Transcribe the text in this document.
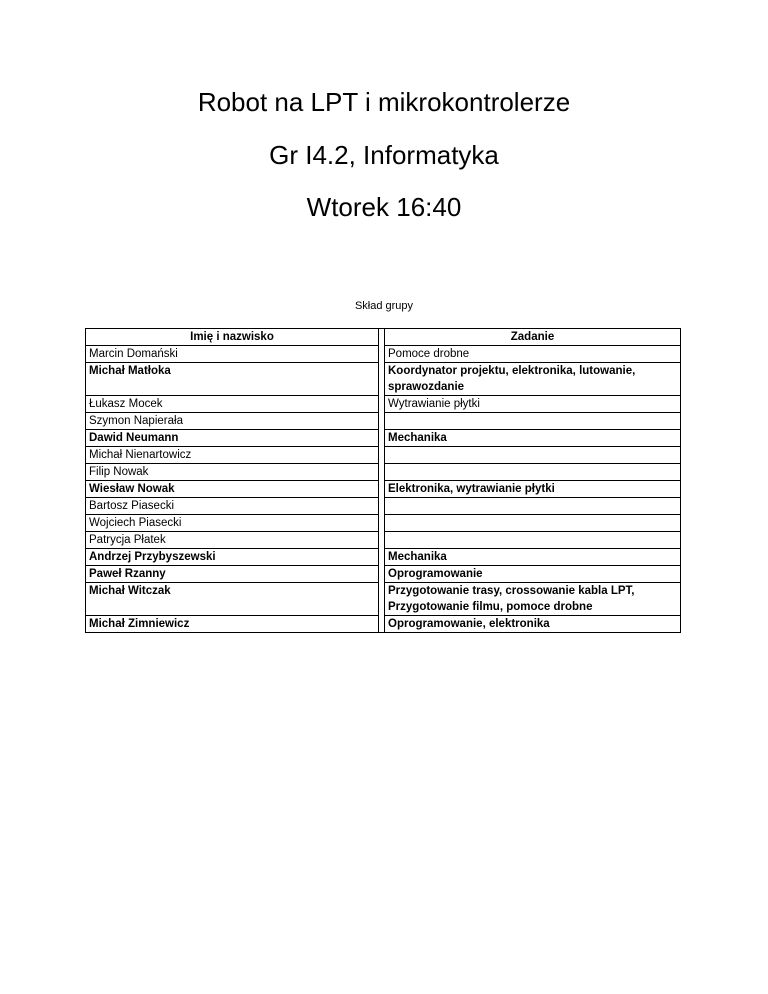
Robot na LPT i mikrokontrolerze
Gr I4.2, Informatyka
Wtorek 16:40
Skład grupy
Imię i nazwisko	Zadanie
Marcin Domański	Pomoce drobne
Michał Matłoka	Koordynator projektu, elektronika, lutowanie, sprawozdanie
Łukasz Mocek	Wytrawianie płytki
Szymon Napierała
Dawid Neumann	Mechanika
Michał Nienartowicz
Filip Nowak
Wiesław Nowak	Elektronika, wytrawianie płytki
Bartosz Piasecki
Wojciech Piasecki
Patrycja Płatek
Andrzej Przybyszewski	Mechanika
Paweł Rzanny	Oprogramowanie
Michał Witczak	Przygotowanie trasy, crossowanie kabla LPT, Przygotowanie filmu, pomoce drobne
Michał Zimniewicz	Oprogramowanie, elektronika
